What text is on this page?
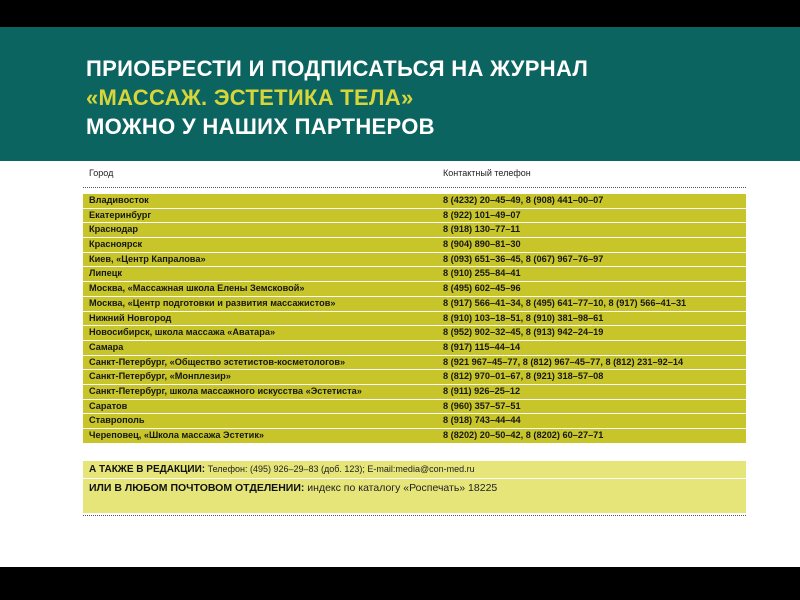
ПРИОБРЕСТИ И ПОДПИСАТЬСЯ НА ЖУРНАЛ
«МАССАЖ. ЭСТЕТИКА ТЕЛА»
МОЖНО У НАШИХ ПАРТНЕРОВ
Город	Контактный телефон
Владивосток	8 (4232) 20–45–49, 8 (908) 441–00–07
Екатеринбург	8 (922) 101–49–07
Краснодар	8 (918) 130–77–11
Красноярск	8 (904) 890–81–30
Киев, «Центр Капралова»	8 (093) 651–36–45, 8 (067) 967–76–97
Липецк	8 (910) 255–84–41
Москва, «Массажная школа Елены Земсковой»	8 (495) 602–45–96
Москва, «Центр подготовки и развития массажистов»	8 (917) 566–41–34, 8 (495) 641–77–10, 8 (917) 566–41–31
Нижний Новгород	8 (910) 103–18–51, 8 (910) 381–98–61
Новосибирск, школа массажа «Аватара»	8 (952) 902–32–45, 8 (913) 942–24–19
Самара	8 (917) 115–44–14
Санкт-Петербург, «Общество эстетистов-косметологов»	8 (921 967–45–77, 8 (812) 967–45–77, 8 (812) 231–92–14
Санкт-Петербург, «Монплезир»	8 (812) 970–01–67, 8 (921) 318–57–08
Санкт-Петербург, школа массажного искусства «Эстетиста»	8 (911) 926–25–12
Саратов	8 (960) 357–57–51
Ставрополь	8 (918) 743–44–44
Череповец, «Школа массажа Эстетик»	8 (8202) 20–50–42, 8 (8202) 60–27–71
А ТАКЖЕ В РЕДАКЦИИ: Телефон: (495) 926–29–83 (доб. 123); E-mail:media@con-med.ru
ИЛИ В ЛЮБОМ ПОЧТОВОМ ОТДЕЛЕНИИ: индекс по каталогу «Роспечать» 18225
